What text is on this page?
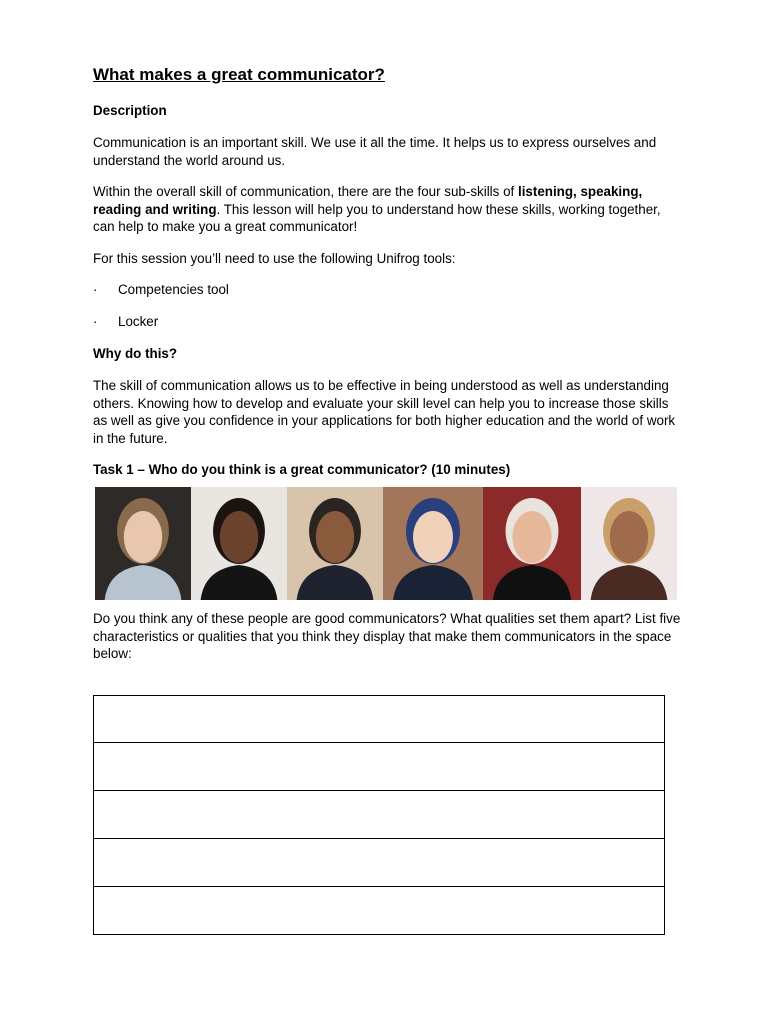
What makes a great communicator?
Description
Communication is an important skill. We use it all the time. It helps us to express ourselves and understand the world around us.
Within the overall skill of communication, there are the four sub-skills of listening, speaking, reading and writing. This lesson will help you to understand how these skills, working together, can help to make you a great communicator!
For this session you’ll need to use the following Unifrog tools:
·	Competencies tool
·	Locker
Why do this?
The skill of communication allows us to be effective in being understood as well as understanding others. Knowing how to develop and evaluate your skill level can help you to increase those skills as well as give you confidence in your applications for both higher education and the world of work in the future.
Task 1 – Who do you think is a great communicator? (10 minutes)
Do you think any of these people are good communicators? What qualities set them apart? List five characteristics or qualities that you think they display that make them communicators in the space below:
